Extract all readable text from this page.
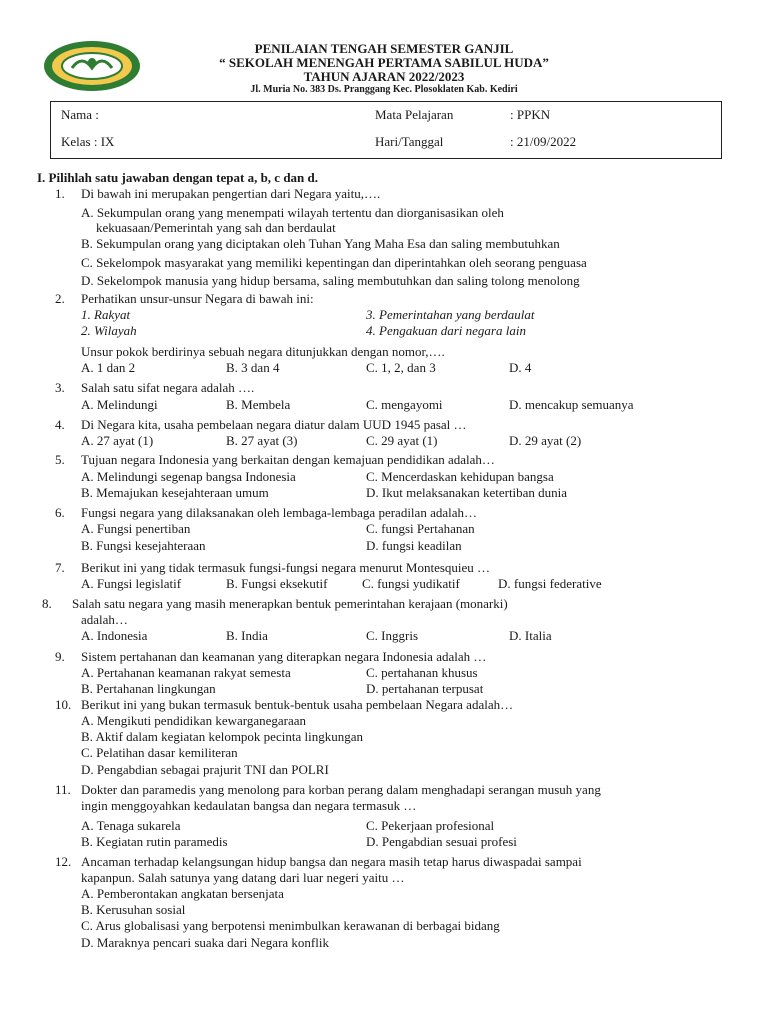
PENILAIAN TENGAH SEMESTER GANJIL
“ SEKOLAH MENENGAH PERTAMA SABILUL HUDA”
TAHUN AJARAN 2022/2023
Jl. Muria No. 383 Ds. Pranggang Kec. Plosoklaten Kab. Kediri
Nama :
Kelas : IX
Mata Pelajaran	: PPKN
Hari/Tanggal	: 21/09/2022
I. Pilihlah satu jawaban dengan tepat a, b, c dan d.
1. Di bawah ini merupakan pengertian dari Negara yaitu,….
A. Sekumpulan orang yang menempati wilayah tertentu dan diorganisasikan oleh
kekuasaan/Pemerintah yang sah dan berdaulat
B. Sekumpulan orang yang diciptakan oleh Tuhan Yang Maha Esa dan saling membutuhkan
C. Sekelompok masyarakat yang memiliki kepentingan dan diperintahkan oleh seorang penguasa
D. Sekelompok manusia yang hidup bersama, saling membutuhkan dan saling tolong menolong
2. Perhatikan unsur-unsur Negara di bawah ini:
1. Rakyat	3. Pemerintahan yang berdaulat
2. Wilayah	4. Pengakuan dari negara lain
Unsur pokok berdirinya sebuah negara ditunjukkan dengan nomor,….
A. 1 dan 2	B. 3 dan 4	C. 1, 2, dan 3	D. 4
3. Salah satu sifat negara adalah ….
A. Melindungi	B. Membela	C. mengayomi	D. mencakup semuanya
4. Di Negara kita, usaha pembelaan negara diatur dalam UUD 1945 pasal …
A. 27 ayat (1)	B. 27 ayat (3)	C. 29 ayat (1)	D. 29 ayat (2)
5. Tujuan negara Indonesia yang berkaitan dengan kemajuan pendidikan adalah…
A. Melindungi segenap bangsa Indonesia	C. Mencerdaskan kehidupan bangsa
B. Memajukan kesejahteraan umum	D. Ikut melaksanakan ketertiban dunia
6. Fungsi negara yang dilaksanakan oleh lembaga-lembaga peradilan adalah…
A. Fungsi penertiban	C. fungsi Pertahanan
B. Fungsi kesejahteraan	D. fungsi keadilan
7. Berikut ini yang tidak termasuk fungsi-fungsi negara menurut Montesquieu …
A. Fungsi legislatif	B. Fungsi eksekutif	C. fungsi yudikatif	D. fungsi federative
8. Salah satu negara yang masih menerapkan bentuk pemerintahan kerajaan (monarki)
adalah…
A. Indonesia	B. India	C. Inggris	D. Italia
9. Sistem pertahanan dan keamanan yang diterapkan negara Indonesia adalah …
A. Pertahanan keamanan rakyat semesta	C. pertahanan khusus
B. Pertahanan lingkungan	D. pertahanan terpusat
10. Berikut ini yang bukan termasuk bentuk-bentuk usaha pembelaan Negara adalah…
A. Mengikuti pendidikan kewarganegaraan
B. Aktif dalam kegiatan kelompok pecinta lingkungan
C. Pelatihan dasar kemiliteran
D. Pengabdian sebagai prajurit TNI dan POLRI
11. Dokter dan paramedis yang menolong para korban perang dalam menghadapi serangan musuh yang
ingin menggoyahkan kedaulatan bangsa dan negara termasuk …
A. Tenaga sukarela	C. Pekerjaan profesional
B. Kegiatan rutin paramedis	D. Pengabdian sesuai profesi
12. Ancaman terhadap kelangsungan hidup bangsa dan negara masih tetap harus diwaspadai sampai
kapanpun. Salah satunya yang datang dari luar negeri yaitu …
A. Pemberontakan angkatan bersenjata
B. Kerusuhan sosial
C. Arus globalisasi yang berpotensi menimbulkan kerawanan di berbagai bidang
D. Maraknya pencari suaka dari Negara konflik
